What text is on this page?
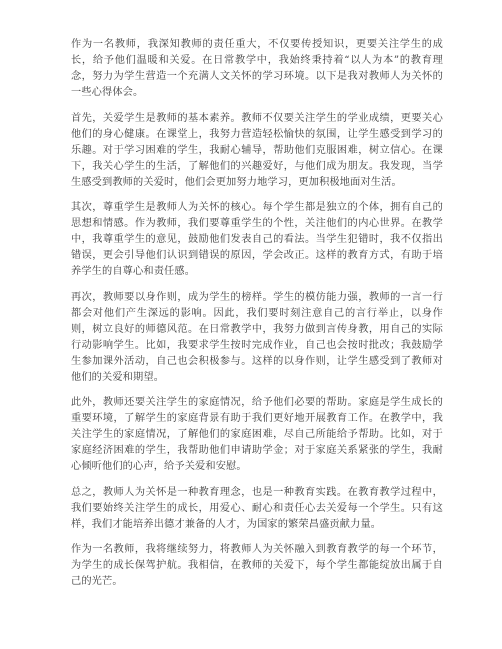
作为一名教师，我深知教师的责任重大，不仅要传授知识，更要关注学生的成长，给予他们温暖和关爱。在日常教学中，我始终秉持着“以人为本”的教育理念，努力为学生营造一个充满人文关怀的学习环境。以下是我对教师人为关怀的一些心得体会。

首先，关爱学生是教师的基本素养。教师不仅要关注学生的学业成绩，更要关心他们的身心健康。在课堂上，我努力营造轻松愉快的氛围，让学生感受到学习的乐趣。对于学习困难的学生，我耐心辅导，帮助他们克服困难，树立信心。在课下，我关心学生的生活，了解他们的兴趣爱好，与他们成为朋友。我发现，当学生感受到教师的关爱时，他们会更加努力地学习，更加积极地面对生活。

其次，尊重学生是教师人为关怀的核心。每个学生都是独立的个体，拥有自己的思想和情感。作为教师，我们要尊重学生的个性，关注他们的内心世界。在教学中，我尊重学生的意见，鼓励他们发表自己的看法。当学生犯错时，我不仅指出错误，更会引导他们认识到错误的原因，学会改正。这样的教育方式，有助于培养学生的自尊心和责任感。

再次，教师要以身作则，成为学生的榜样。学生的模仿能力强，教师的一言一行都会对他们产生深远的影响。因此，我们要时刻注意自己的言行举止，以身作则，树立良好的师德风范。在日常教学中，我努力做到言传身教，用自己的实际行动影响学生。比如，我要求学生按时完成作业，自己也会按时批改；我鼓励学生参加课外活动，自己也会积极参与。这样的以身作则，让学生感受到了教师对他们的关爱和期望。

此外，教师还要关注学生的家庭情况，给予他们必要的帮助。家庭是学生成长的重要环境，了解学生的家庭背景有助于我们更好地开展教育工作。在教学中，我关注学生的家庭情况，了解他们的家庭困难，尽自己所能给予帮助。比如，对于家庭经济困难的学生，我帮助他们申请助学金；对于家庭关系紧张的学生，我耐心倾听他们的心声，给予关爱和安慰。

总之，教师人为关怀是一种教育理念，也是一种教育实践。在教育教学过程中，我们要始终关注学生的成长，用爱心、耐心和责任心去关爱每一个学生。只有这样，我们才能培养出德才兼备的人才，为国家的繁荣昌盛贡献力量。

作为一名教师，我将继续努力，将教师人为关怀融入到教育教学的每一个环节，为学生的成长保驾护航。我相信，在教师的关爱下，每个学生都能绽放出属于自己的光芒。
